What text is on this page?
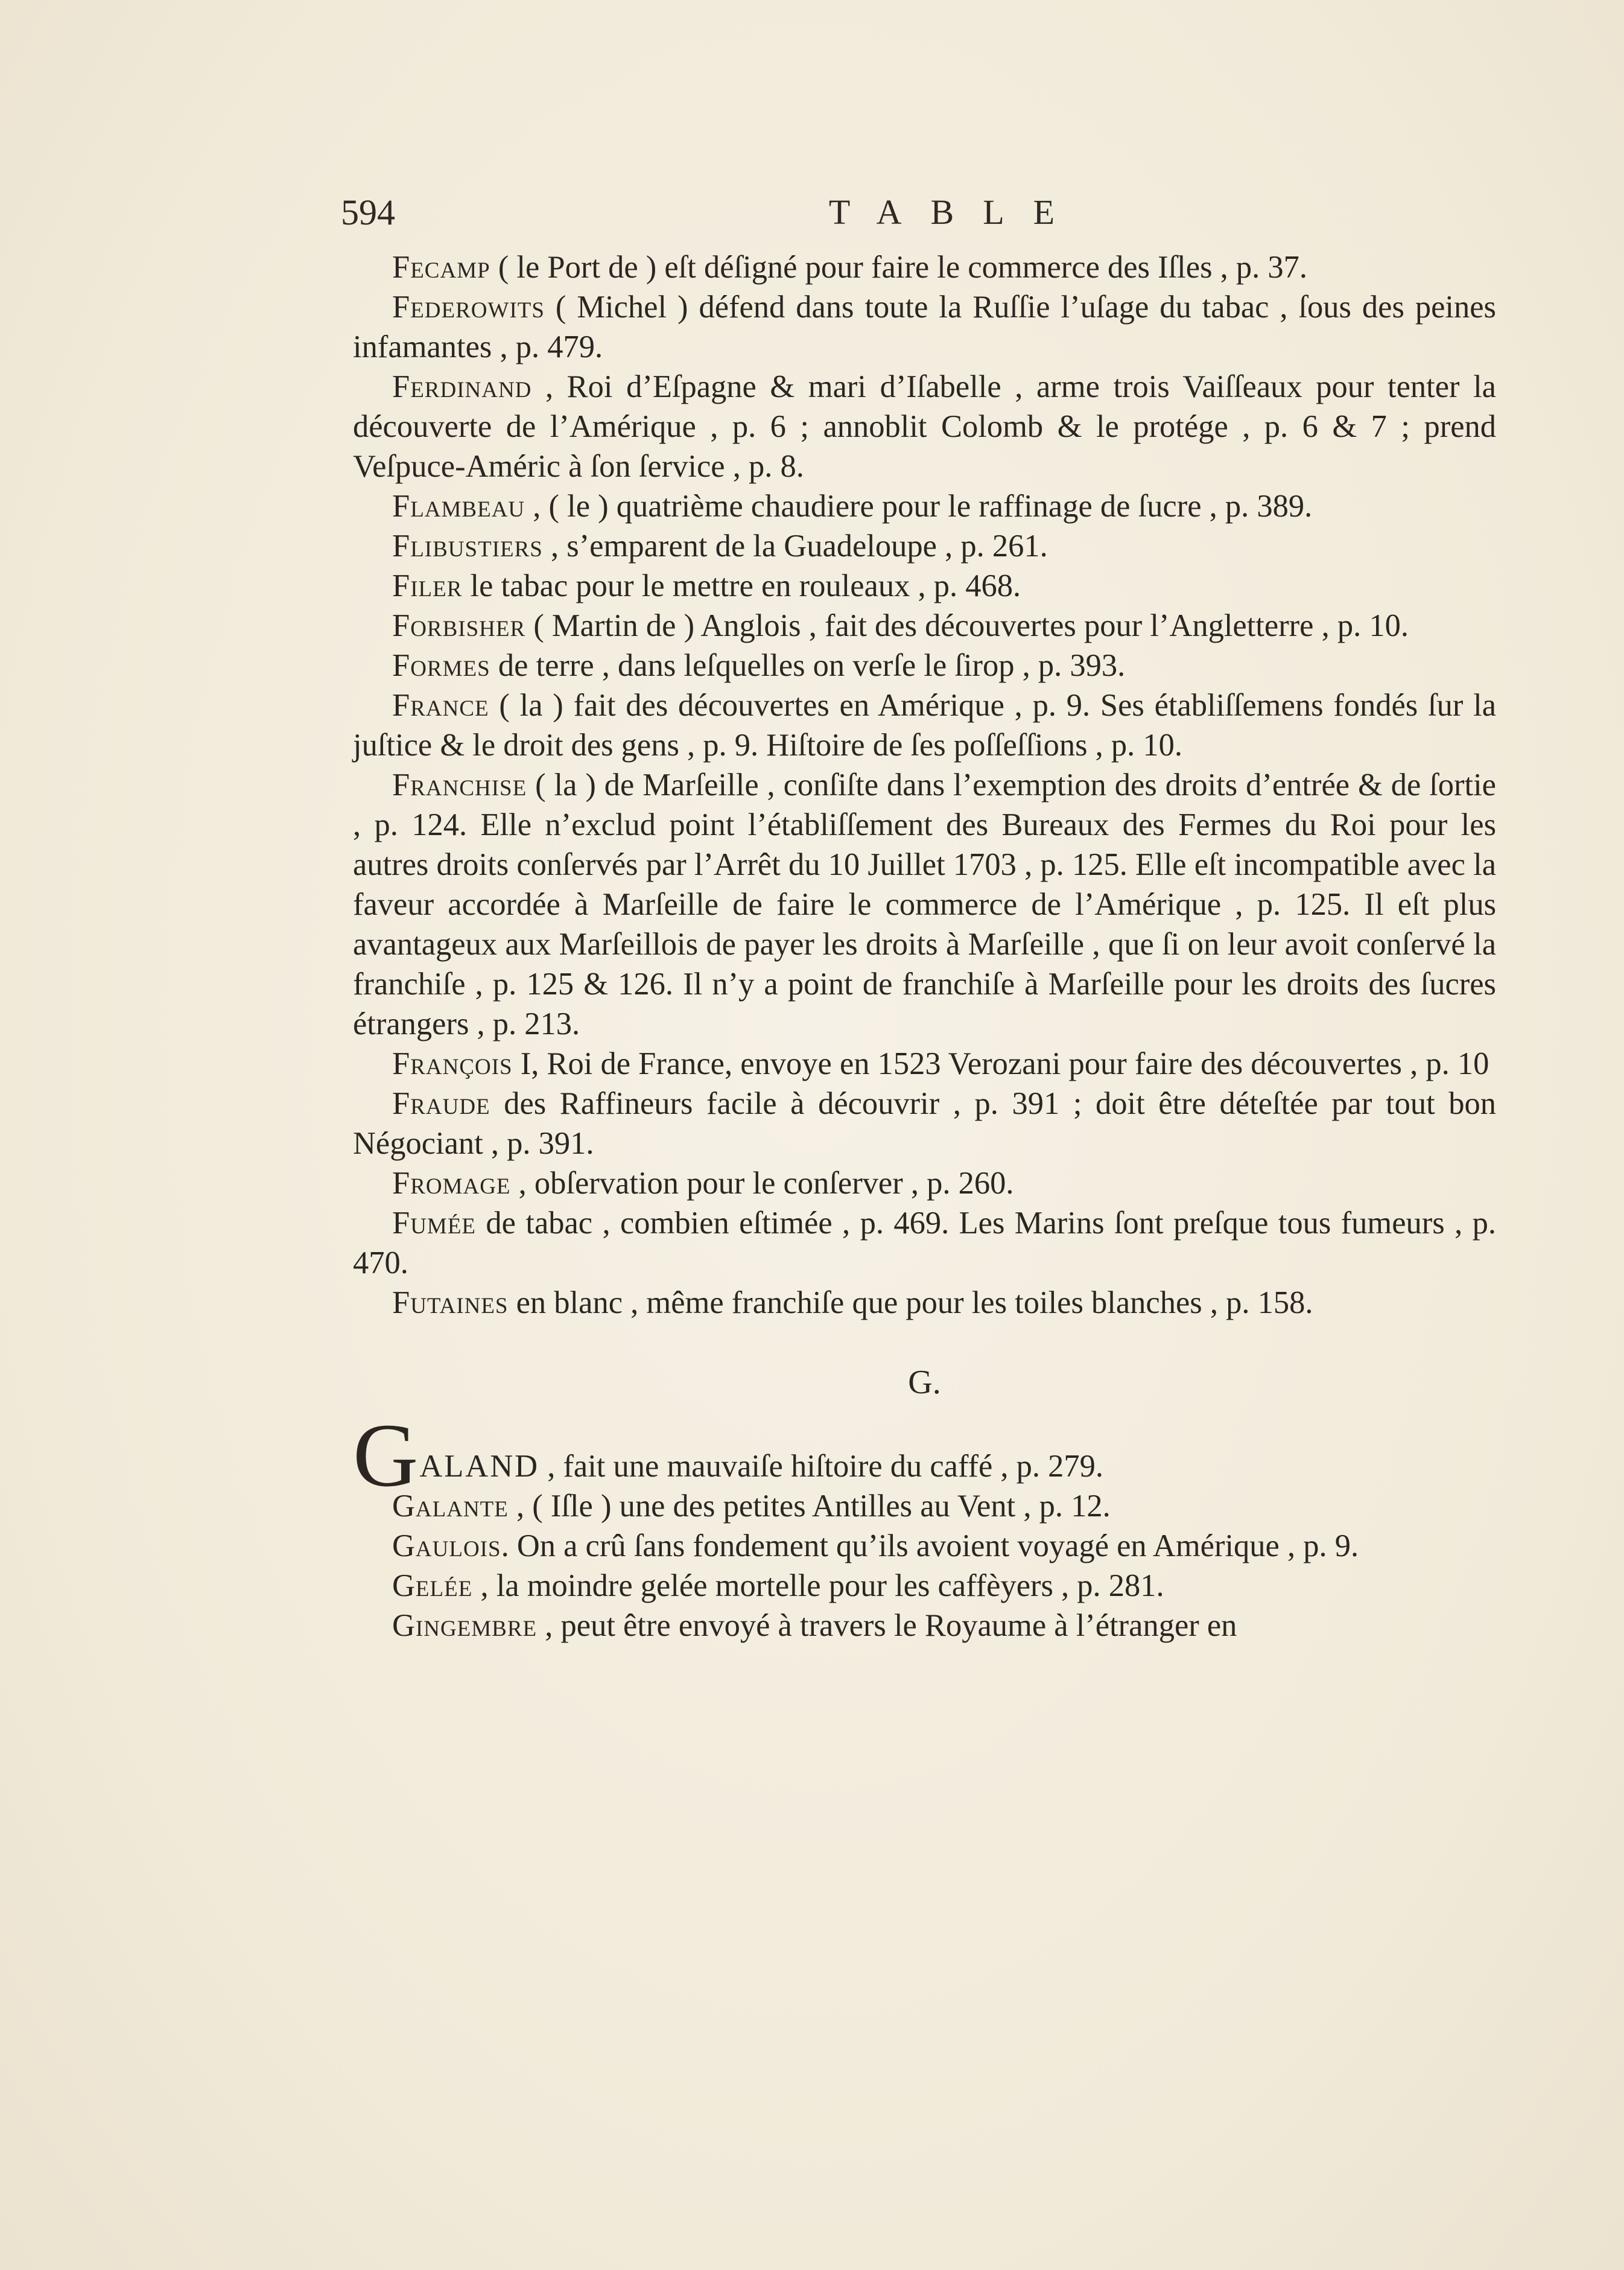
594	TABLE

Fecamp ( le Port de ) eſt déſigné pour faire le commerce des Iſles , p. 37.

Federowits ( Michel ) défend dans toute la Ruſſie l’uſage du tabac , ſous des peines infamantes , p. 479.

Ferdinand , Roi d’Eſpagne & mari d’Iſabelle , arme trois Vaiſſeaux pour tenter la découverte de l’Amérique , p. 6 ; annoblit Colomb & le protége , p. 6 & 7 ; prend Veſpuce-Améric à ſon ſervice , p. 8.

Flambeau , ( le ) quatrième chaudiere pour le raffinage de ſucre , p. 389.

Flibustiers , s’emparent de la Guadeloupe , p. 261.

Filer le tabac pour le mettre en rouleaux , p. 468.

Forbisher ( Martin de ) Anglois , fait des découvertes pour l’Angletterre , p. 10.

Formes de terre , dans leſquelles on verſe le ſirop , p. 393.

France ( la ) fait des découvertes en Amérique , p. 9. Ses établiſſemens fondés ſur la juſtice & le droit des gens , p. 9. Hiſtoire de ſes poſſeſſions , p. 10.

Franchise ( la ) de Marſeille , conſiſte dans l’exemption des droits d’entrée & de ſortie , p. 124. Elle n’exclud point l’établiſſement des Bureaux des Fermes du Roi pour les autres droits conſervés par l’Arrêt du 10 Juillet 1703 , p. 125. Elle eſt incompatible avec la faveur accordée à Marſeille de faire le commerce de l’Amérique , p. 125. Il eſt plus avantageux aux Marſeillois de payer les droits à Marſeille , que ſi on leur avoit conſervé la franchiſe , p. 125 & 126. Il n’y a point de franchiſe à Marſeille pour les droits des ſucres étrangers , p. 213.

François I, Roi de France, envoye en 1523 Verozani pour faire des découvertes , p. 10

Fraude des Raffineurs facile à découvrir , p. 391 ; doit être déteſtée par tout bon Négociant , p. 391.

Fromage , obſervation pour le conſerver , p. 260.

Fumée de tabac , combien eſtimée , p. 469. Les Marins ſont preſque tous fumeurs , p. 470.

Futaines en blanc , même franchiſe que pour les toiles blanches , p. 158.

G.

GALAND , fait une mauvaiſe hiſtoire du caffé , p. 279.

Galante , ( Iſle ) une des petites Antilles au Vent , p. 12.

Gaulois. On a crû ſans fondement qu’ils avoient voyagé en Amérique , p. 9.

Gelée , la moindre gelée mortelle pour les caffèyers , p. 281.

Gingembre , peut être envoyé à travers le Royaume à l’étranger en
